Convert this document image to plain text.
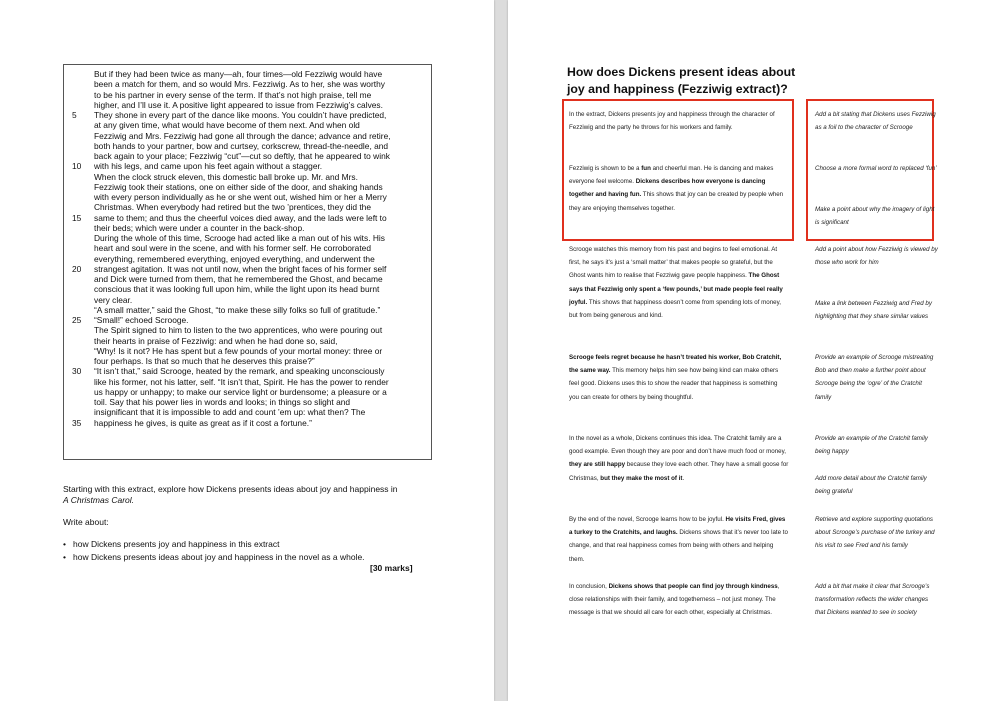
But if they had been twice as many—ah, four times—old Fezziwig would have
been a match for them, and so would Mrs. Fezziwig. As to her, she was worthy
to be his partner in every sense of the term. If that’s not high praise, tell me
higher, and I’ll use it. A positive light appeared to issue from Fezziwig’s calves.
They shone in every part of the dance like moons. You couldn’t have predicted,
at any given time, what would have become of them next. And when old
Fezziwig and Mrs. Fezziwig had gone all through the dance; advance and retire,
both hands to your partner, bow and curtsey, corkscrew, thread-the-needle, and
back again to your place; Fezziwig “cut”—cut so deftly, that he appeared to wink
with his legs, and came upon his feet again without a stagger.
When the clock struck eleven, this domestic ball broke up. Mr. and Mrs.
Fezziwig took their stations, one on either side of the door, and shaking hands
with every person individually as he or she went out, wished him or her a Merry
Christmas. When everybody had retired but the two ’prentices, they did the
same to them; and thus the cheerful voices died away, and the lads were left to
their beds; which were under a counter in the back-shop.
During the whole of this time, Scrooge had acted like a man out of his wits. His
heart and soul were in the scene, and with his former self. He corroborated
everything, remembered everything, enjoyed everything, and underwent the
strangest agitation. It was not until now, when the bright faces of his former self
and Dick were turned from them, that he remembered the Ghost, and became
conscious that it was looking full upon him, while the light upon its head burnt
very clear.
“A small matter,” said the Ghost, “to make these silly folks so full of gratitude.”
“Small!” echoed Scrooge.
The Spirit signed to him to listen to the two apprentices, who were pouring out
their hearts in praise of Fezziwig: and when he had done so, said,
“Why! Is it not? He has spent but a few pounds of your mortal money: three or
four perhaps. Is that so much that he deserves this praise?”
“It isn’t that,” said Scrooge, heated by the remark, and speaking unconsciously
like his former, not his latter, self. “It isn’t that, Spirit. He has the power to render
us happy or unhappy; to make our service light or burdensome; a pleasure or a
toil. Say that his power lies in words and looks; in things so slight and
insignificant that it is impossible to add and count ’em up: what then? The
happiness he gives, is quite as great as if it cost a fortune.”
5
10
15
20
25
30
35
Starting with this extract, explore how Dickens presents ideas about joy and happiness in
A Christmas Carol.
Write about:
• how Dickens presents joy and happiness in this extract
• how Dickens presents ideas about joy and happiness in the novel as a whole.
[30 marks]
How does Dickens present ideas about
joy and happiness (Fezziwig extract)?
In the extract, Dickens presents joy and happiness through the character of Fezziwig and the party he throws for his workers and family.
Fezziwig is shown to be a fun and cheerful man. He is dancing and makes everyone feel welcome. Dickens describes how everyone is dancing together and having fun. This shows that joy can be created by people when they are enjoying themselves together.
Scrooge watches this memory from his past and begins to feel emotional. At first, he says it’s just a ‘small matter’ that makes people so grateful, but the Ghost wants him to realise that Fezziwig gave people happiness. The Ghost says that Fezziwig only spent a ‘few pounds,’ but made people feel really joyful. This shows that happiness doesn’t come from spending lots of money, but from being generous and kind.
Scrooge feels regret because he hasn’t treated his worker, Bob Cratchit, the same way. This memory helps him see how being kind can make others feel good. Dickens uses this to show the reader that happiness is something you can create for others by being thoughtful.
In the novel as a whole, Dickens continues this idea. The Cratchit family are a good example. Even though they are poor and don’t have much food or money, they are still happy because they love each other. They have a small goose for Christmas, but they make the most of it.
By the end of the novel, Scrooge learns how to be joyful. He visits Fred, gives a turkey to the Cratchits, and laughs. Dickens shows that it’s never too late to change, and that real happiness comes from being with others and helping them.
In conclusion, Dickens shows that people can find joy through kindness, close relationships with their family, and togetherness – not just money. The message is that we should all care for each other, especially at Christmas.
Add a bit stating that Dickens uses Fezziwig as a foil to the character of Scrooge
Choose a more formal word to replaced ‘fun’
Make a point about why the imagery of light is significant
Add a point about how Fezziwig is viewed by those who work for him
Make a link between Fezziwig and Fred by highlighting that they share similar values
Provide an example of Scrooge mistreating Bob and then make a further point about Scrooge being the ‘ogre’ of the Cratchit family
Provide an example of the Cratchit family being happy
Add more detail about the Cratchit family being grateful
Retrieve and explore supporting quotations about Scrooge’s purchase of the turkey and his visit to see Fred and his family
Add a bit that make it clear that Scrooge’s transformation reflects the wider changes that Dickens wanted to see in society
